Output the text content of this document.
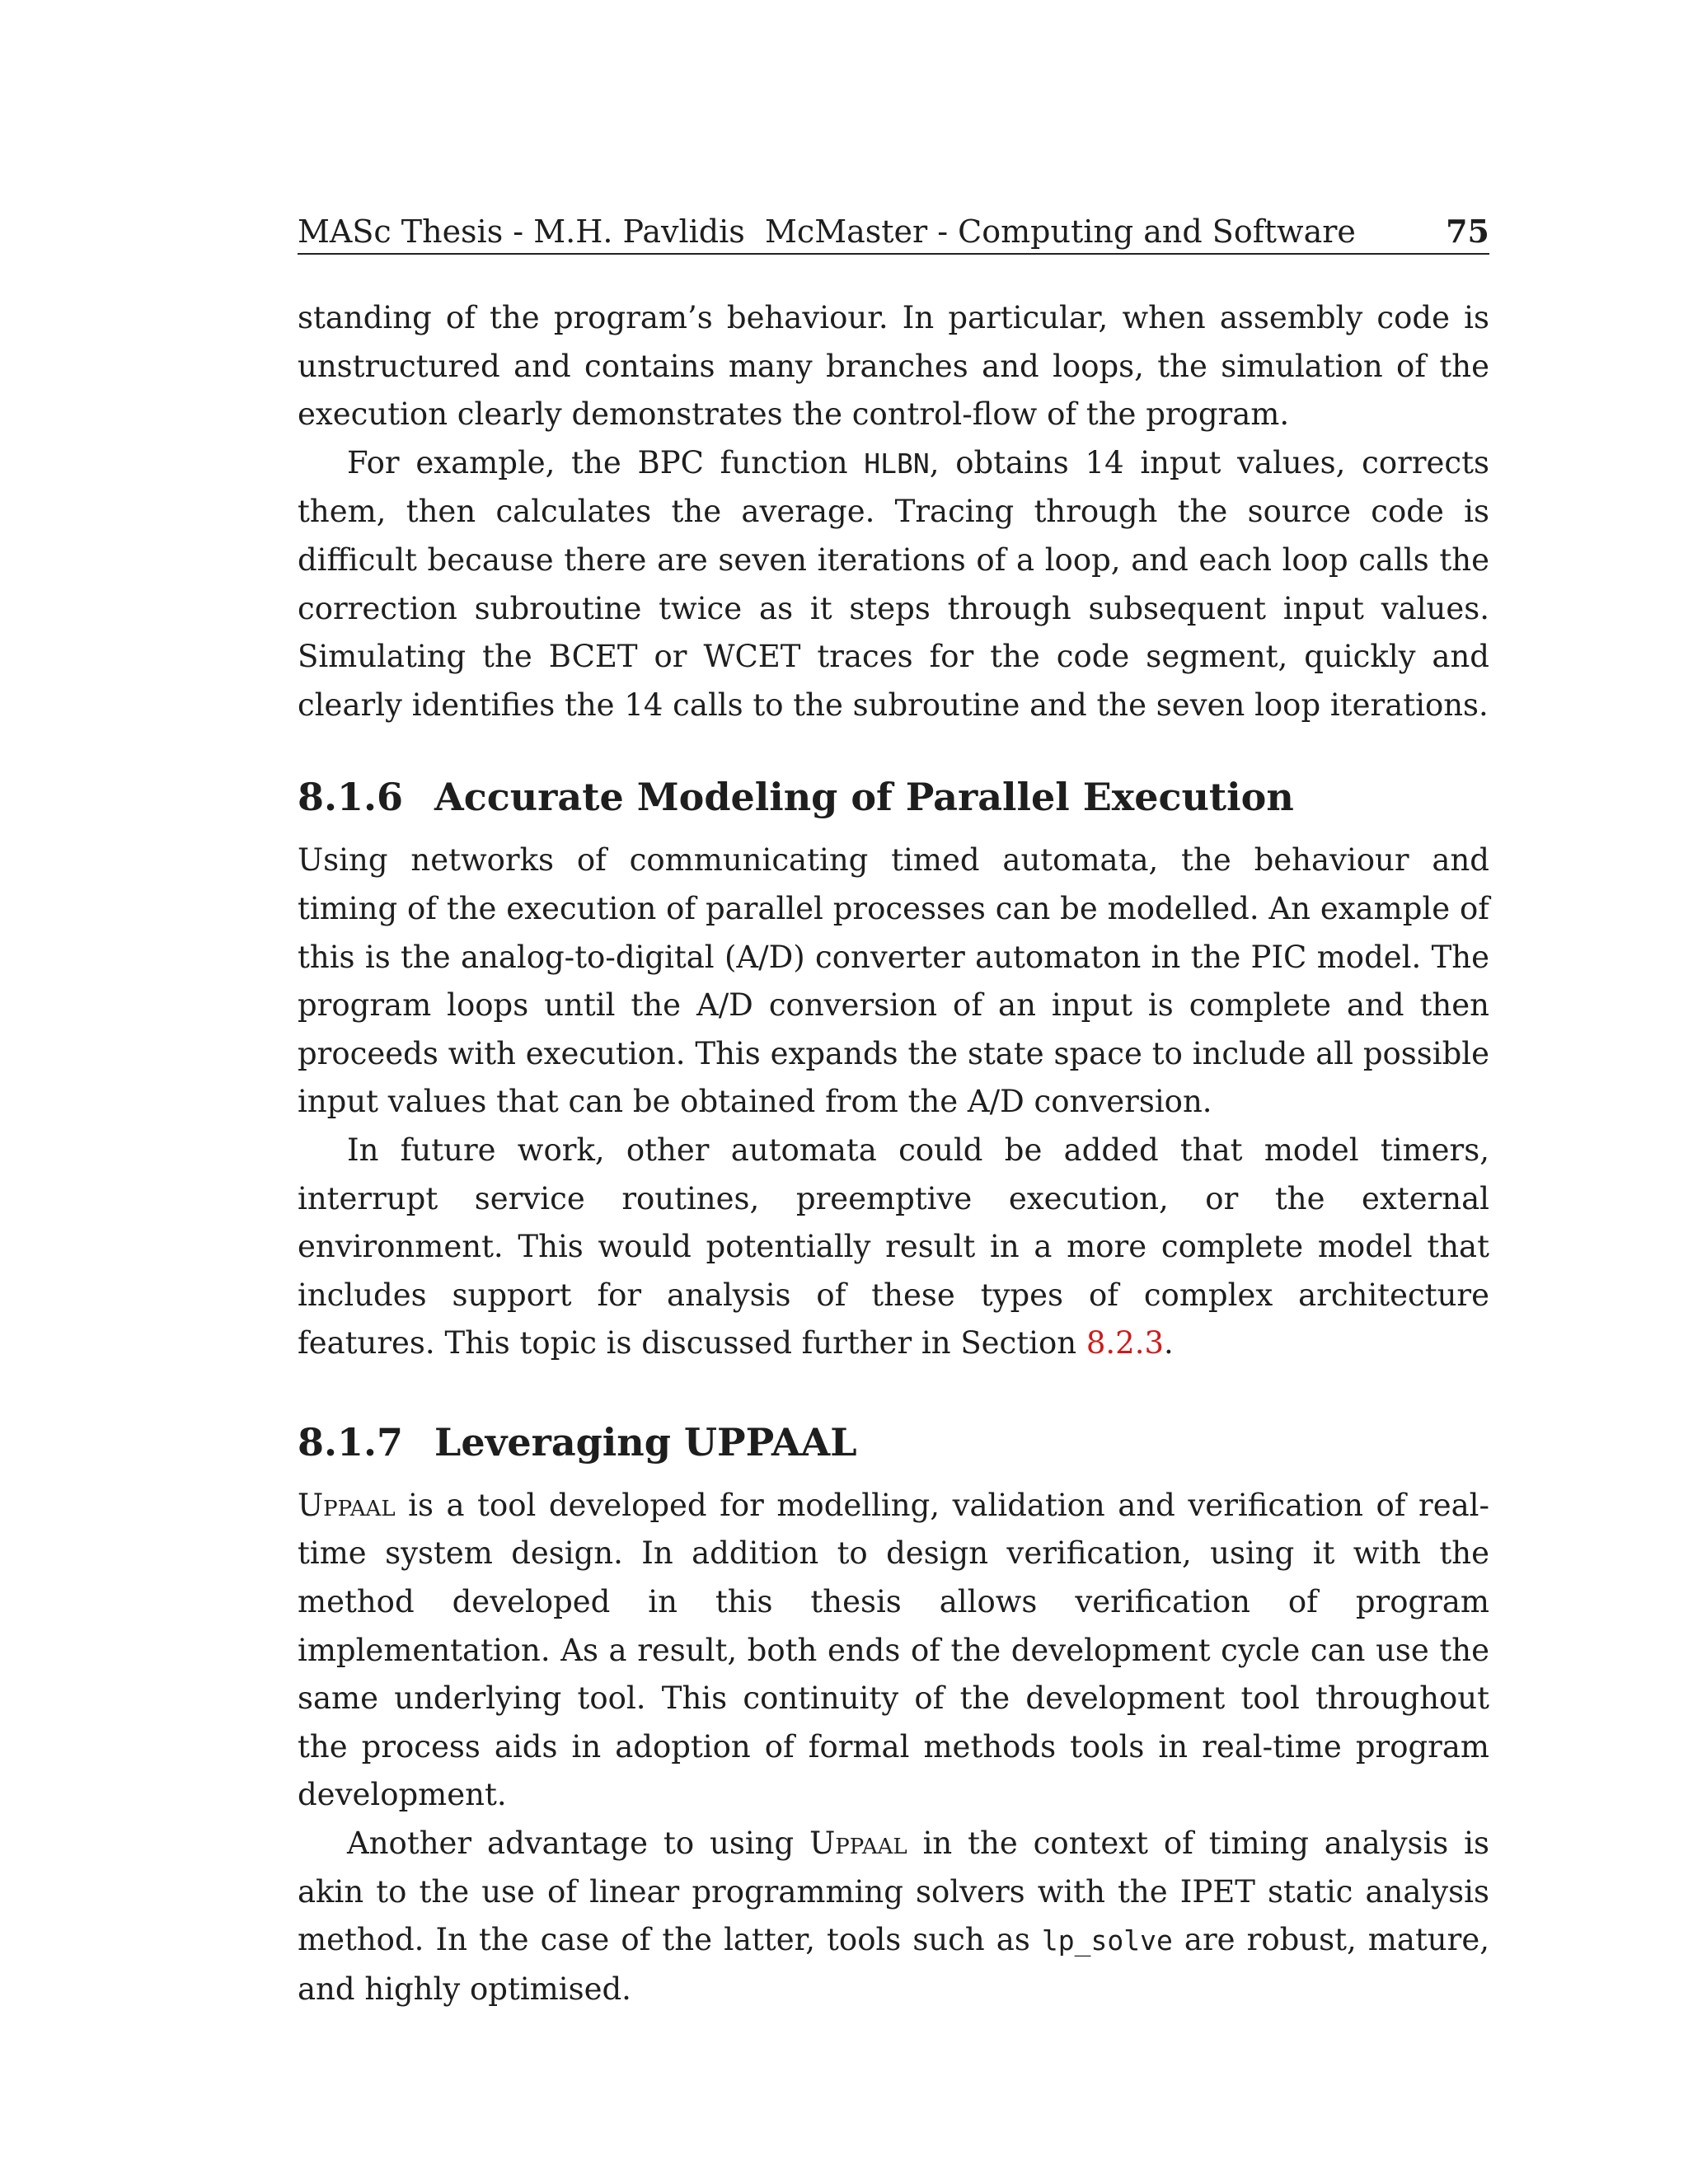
MASc Thesis - M.H. Pavlidis McMaster - Computing and Software	75

standing of the program’s behaviour. In particular, when assembly code is unstructured and contains many branches and loops, the simulation of the execution clearly demonstrates the control-flow of the program.

For example, the BPC function HLBN, obtains 14 input values, corrects them, then calculates the average. Tracing through the source code is difficult because there are seven iterations of a loop, and each loop calls the correction subroutine twice as it steps through subsequent input values. Simulating the BCET or WCET traces for the code segment, quickly and clearly identifies the 14 calls to the subroutine and the seven loop iterations.

8.1.6 Accurate Modeling of Parallel Execution

Using networks of communicating timed automata, the behaviour and timing of the execution of parallel processes can be modelled. An example of this is the analog-to-digital (A/D) converter automaton in the PIC model. The program loops until the A/D conversion of an input is complete and then proceeds with execution. This expands the state space to include all possible input values that can be obtained from the A/D conversion.

In future work, other automata could be added that model timers, interrupt service routines, preemptive execution, or the external environment. This would potentially result in a more complete model that includes support for analysis of these types of complex architecture features. This topic is discussed further in Section 8.2.3.

8.1.7 Leveraging UPPAAL

Uppaal is a tool developed for modelling, validation and verification of real-time system design. In addition to design verification, using it with the method developed in this thesis allows verification of program implementation. As a result, both ends of the development cycle can use the same underlying tool. This continuity of the development tool throughout the process aids in adoption of formal methods tools in real-time program development.

Another advantage to using Uppaal in the context of timing analysis is akin to the use of linear programming solvers with the IPET static analysis method. In the case of the latter, tools such as lp_solve are robust, mature, and highly optimised.
